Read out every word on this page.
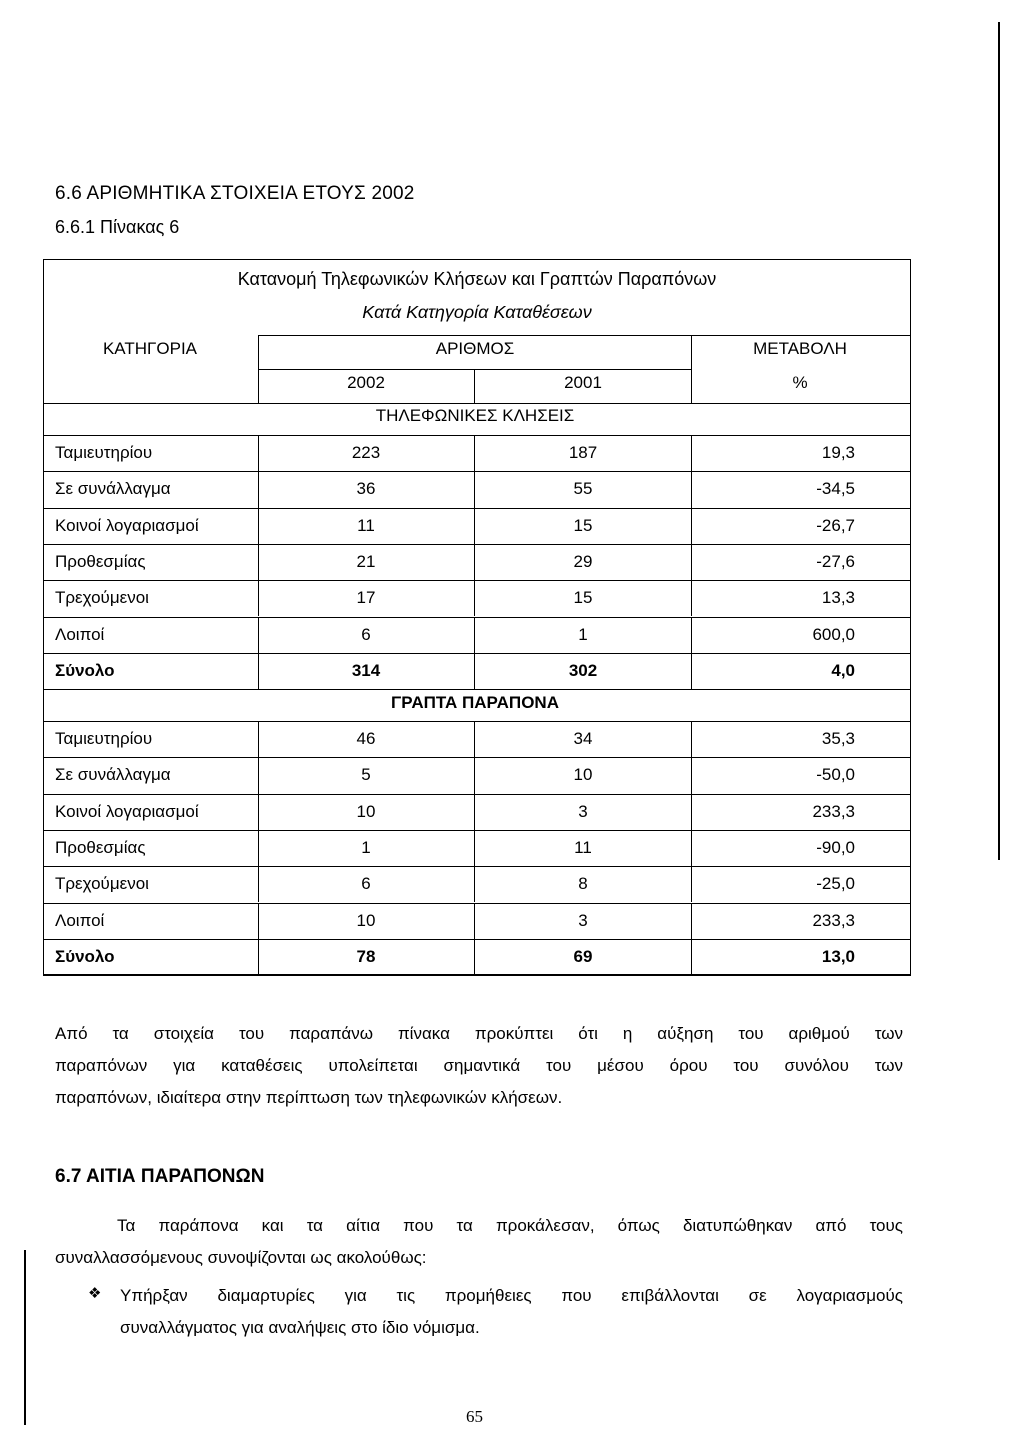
6.6 ΑΡΙΘΜΗΤΙΚΑ ΣΤΟΙΧΕΙΑ ΕΤΟΥΣ 2002
6.6.1 Πίνακας 6
Κατανομή Τηλεφωνικών Κλήσεων και Γραπτών Παραπόνων
Κατά Κατηγορία Καταθέσεων
ΚΑΤΗΓΟΡΙΑ	ΑΡΙΘΜΟΣ	ΜΕΤΑΒΟΛΗ
2002	2001	%
ΤΗΛΕΦΩΝΙΚΕΣ ΚΛΗΣΕΙΣ
Ταμιευτηρίου	223	187	19,3
Σε συνάλλαγμα	36	55	-34,5
Κοινοί λογαριασμοί	11	15	-26,7
Προθεσμίας	21	29	-27,6
Τρεχούμενοι	17	15	13,3
Λοιποί	6	1	600,0
Σύνολο	314	302	4,0
ΓΡΑΠΤΑ ΠΑΡΑΠΟΝΑ
Ταμιευτηρίου	46	34	35,3
Σε συνάλλαγμα	5	10	-50,0
Κοινοί λογαριασμοί	10	3	233,3
Προθεσμίας	1	11	-90,0
Τρεχούμενοι	6	8	-25,0
Λοιποί	10	3	233,3
Σύνολο	78	69	13,0
Από τα στοιχεία του παραπάνω πίνακα προκύπτει ότι η αύξηση του αριθμού των
παραπόνων για καταθέσεις υπολείπεται σημαντικά του μέσου όρου του συνόλου των
παραπόνων, ιδιαίτερα στην περίπτωση των τηλεφωνικών κλήσεων.
6.7 ΑΙΤΙΑ ΠΑΡΑΠΟΝΩΝ
Τα παράπονα και τα αίτια που τα προκάλεσαν, όπως διατυπώθηκαν από τους
συναλλασσόμενους συνοψίζονται ως ακολούθως:
❖ Υπήρξαν διαμαρτυρίες για τις προμήθειες που επιβάλλονται σε λογαριασμούς
συναλλάγματος για αναλήψεις στο ίδιο νόμισμα.
65
